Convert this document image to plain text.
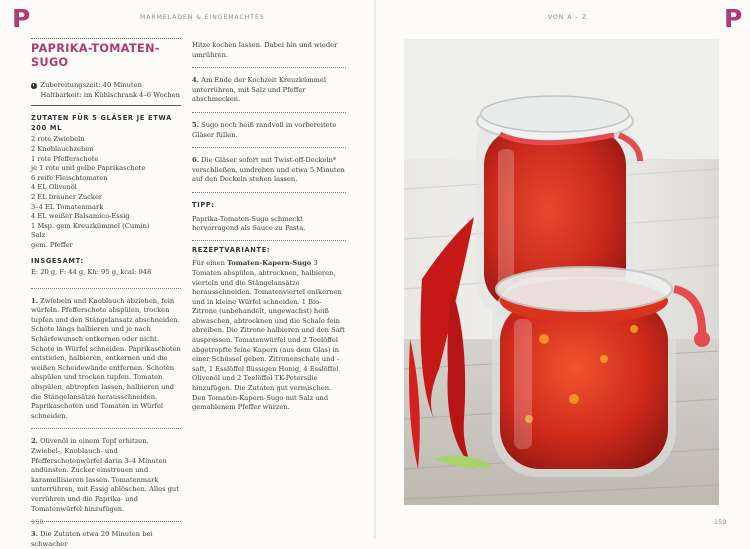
P	MARMELADEN & EINGEMACHTES
158
VON A – Z	P
159
PAPRIKA-TOMATEN-SUGO

Zubereitungszeit: 40 Minuten

Haltbarkeit: im Kühlschrank 4–6 Wochen

ZUTATEN FÜR 5 GLÄSER JE ETWA 200 ML

2 rote Zwiebeln

2 Knoblauchzehen

1 rote Pfefferschote

je 1 rote und gelbe Paprikaschote

6 reife Fleischtomaten

4 EL Olivenöl

2 EL brauner Zucker

3–4 EL Tomatenmark

4 EL weißer Balsamico-Essig

1 Msp. gem Kreuzkümmel (Cumin)

Salz

gem. Pfeffer

INSGESAMT:

E: 20 g, F: 44 g, Kh: 95 g, kcal: 948

1. Zwiebeln und Knoblauch abziehen, fein würfeln. Pfefferschote abspülen, trocken tupfen und den Stängelansatz abschneiden. Schote längs halbieren und je nach Schärfewunsch entkernen oder nicht. Schote in Würfel schneiden. Paprikaschoten entstielen, halbieren, entkernen und die weißen Scheidewände entfernen. Schoten abspülen und trocken tupfen. Tomaten abspülen, abtropfen lassen, halbieren und die Stängelansätze herausschneiden. Paprikaschoten und Tomaten in Würfel schneiden.

2. Olivenöl in einem Topf erhitzen. Zwiebel-, Knoblauch- und Pfefferschotenwürfel darin 3–4 Minuten andünsten. Zucker einstreuen und karamellisieren lassen. Tomatenmark unterrühren, mit Essig ablöschen. Alles gut verrühren und die Paprika- und Tomatenwürfel hinzufügen.

3. Die Zutaten etwa 20 Minuten bei schwacher

Hitze kochen lassen. Dabei hin und wieder umrühren.

4. Am Ende der Kochzeit Kreuzkümmel unterrühren, mit Salz und Pfeffer abschmecken.

5. Sugo noch heiß randvoll in vorbereitete Gläser füllen.

6. Die Gläser sofort mit Twist-off-Deckeln* verschließen, umdrehen und etwa 5 Minuten auf den Deckeln stehen lassen.

TIPP:

Paprika-Tomaten-Sugo schmeckt hervorragend als Sauce zu Pasta.

REZEPTVARIANTE:

Für einen Tomaten-Kapern-Sugo 3 Tomaten abspülen, abtrocknen, halbieren, vierteln und die Stängelansätze herausschneiden. Tomatenviertel entkernen und in kleine Würfel schneiden. 1 Bio-Zitrone (unbehandelt, ungewachst) heiß abwaschen, abtrocknen und die Schale fein abreiben. Die Zitrone halbieren und den Saft auspressen. Tomatenwürfel und 2 Teelöffel abgetropfte feine Kapern (aus dem Glas) in einer Schüssel geben. Zitronenschale und -saft, 1 Esslöffel flüssigen Honig, 4 Esslöffel Olivenöl und 2 Teelöffel TK-Petersilie hinzufügen. Die Zutaten gut vermischen. Den Tomaten-Kapern-Sugo mit Salz und gemahlenem Pfeffer würzen.
